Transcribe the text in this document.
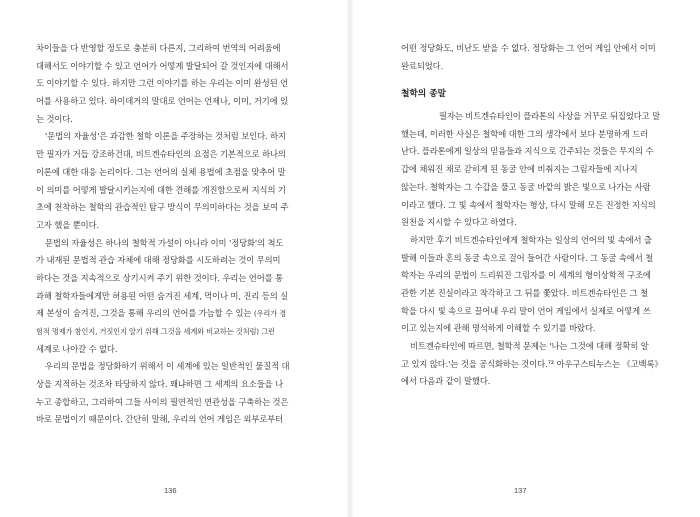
차이들을 다 반영할 정도로 충분히 다른지, 그리하여 번역의 어려움에
대해서도 이야기할 수 있고 언어가 어떻게 발달되어 갈 것인지에 대해서
도 이야기할 수 있다. 하지만 그런 이야기를 하는 우리는 이미 완성된 언
어를 사용하고 있다. 하이데거의 말대로 언어는 언제나, 이미, 거기에 있
는 것이다.
'문법의 자율성'은 과감한 철학 이론을 주장하는 것처럼 보인다. 하지
만 필자가 거듭 강조하건대, 비트겐슈타인의 요점은 기본적으로 하나의
이론에 대한 대응 논리이다. 그는 언어의 실체 용법에 초점을 맞추어 말
이 의미를 어떻게 발달시키는지에 대한 견해를 개진함으로써 지식의 기
초에 천착하는 철학의 관습적인 탐구 방식이 무의미하다는 것을 보여 주
고자 했을 뿐이다.
문법의 자율성은 하나의 철학적 가설이 아니라 이미 '정당화'의 척도
가 내재된 문법적 관습 자체에 대해 정당화를 시도하려는 것이 무의미
하다는 것을 지속적으로 상기시켜 주기 위한 것이다. 우리는 언어를 통
과해 철학자들에게만 허용된 어떤 숨겨진 세계, 먹이나 미, 진리 등의 실
제 본성이 숨겨진, 그것을 통해 우리의 언어를 가늠할 수 있는 (우리가 경
험적 명제가 참인지, 거짓인지 알기 위해 그것을 세계와 비교하는 것처럼) 그런
세계로 나아갈 수 없다.
우리의 문법을 정당화하기 위해서 이 세계에 있는 일반적인 물질적 대
상을 지적하는 것조차 타당하지 않다. 왜냐하면 그 세계의 요소들을 나
누고 종합하고, 그리하여 그들 사이의 필연적인 연관성을 구축하는 것은
바로 문법이기 때문이다. 간단히 말해, 우리의 언어 게임은 외부로부터
136
어떤 정당화도, 비난도 받을 수 없다. 정당화는 그 언어 게임 안에서 이미
완료되었다.
철학의 종말
필자는 비트겐슈타인이 플라톤의 사상을 거꾸로 뒤집었다고 말
했는데, 이러한 사실은 철학에 대한 그의 생각에서 보다 분명하게 드러
난다. 플라톤에게 일상의 믿음들과 지식으로 간주되는 것들은 무지의 수
갑에 채워진 채로 갇히게 된 동굴 안에 비춰지는 그림자들에 지나지
않는다. 철학자는 그 수갑을 풀고 동굴 바깥의 밝은 빛으로 나가는 사람
이라고 했다. 그 빛 속에서 철학자는 형상, 다시 말해 모든 진정한 지식의
원천을 지시할 수 있다고 하였다.
하지만 후기 비트겐슈타인에게 철학자는 일상의 언어의 빛 속에서 출
발해 이들과 혼의 동굴 속으로 걸어 들어간 사람이다. 그 동굴 속에서 철
학자는 우리의 문법이 드리워진 그림자를 이 세계의 형이상학적 구조에
관한 기본 진실이라고 착각하고 그 뒤를 쫓았다. 비트겐슈타인은 그 철
학을 다시 빛 속으로 끌어내 우리 말이 언어 게임에서 실제로 어떻게 쓰
이고 있는지에 관해 명석하게 이해할 수 있기를 바랐다.
비트겐슈타인에 따르면, 철학적 문제는 '나는 그것에 대해 정확히 알
고 있지 않다.'는 것을 공식화하는 것이다.⁷² 아우구스티누스는 《고백록》
에서 다음과 같이 말했다.
137
